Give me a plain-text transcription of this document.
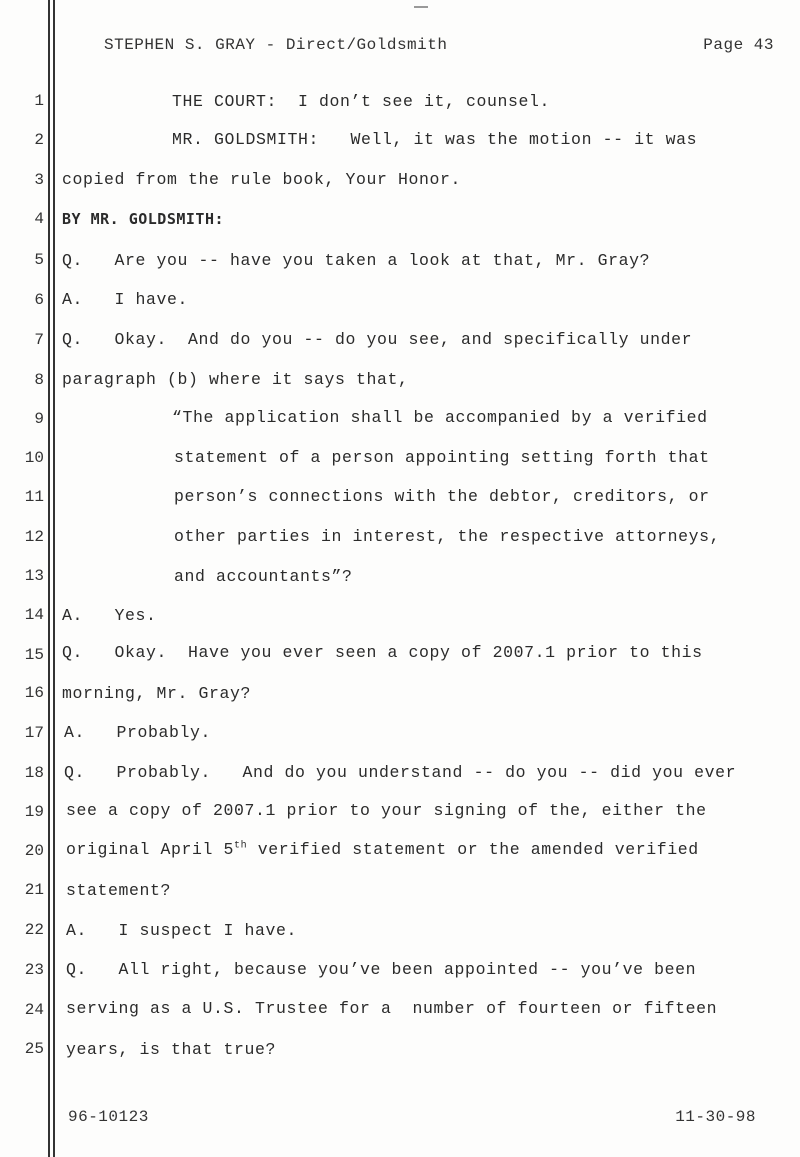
STEPHEN S. GRAY - Direct/Goldsmith	Page 43
1
2
3
4
5
6
7
8
9
10
11
12
13
14
15
16
17
18
19
20
21
22
23
24
25
THE COURT:  I don’t see it, counsel.
MR. GOLDSMITH:   Well, it was the motion -- it was
copied from the rule book, Your Honor.
BY MR. GOLDSMITH:
Q.   Are you -- have you taken a look at that, Mr. Gray?
A.   I have.
Q.   Okay.  And do you -- do you see, and specifically under
paragraph (b) where it says that,
“The application shall be accompanied by a verified
statement of a person appointing setting forth that
person’s connections with the debtor, creditors, or
other parties in interest, the respective attorneys,
and accountants”?
A.   Yes.
Q.   Okay.  Have you ever seen a copy of 2007.1 prior to this
morning, Mr. Gray?
A.   Probably.
Q.   Probably.   And do you understand -- do you -- did you ever
see a copy of 2007.1 prior to your signing of the, either the
original April 5th verified statement or the amended verified
statement?
A.   I suspect I have.
Q.   All right, because you’ve been appointed -- you’ve been
serving as a U.S. Trustee for a  number of fourteen or fifteen
years, is that true?
96-10123	11-30-98
